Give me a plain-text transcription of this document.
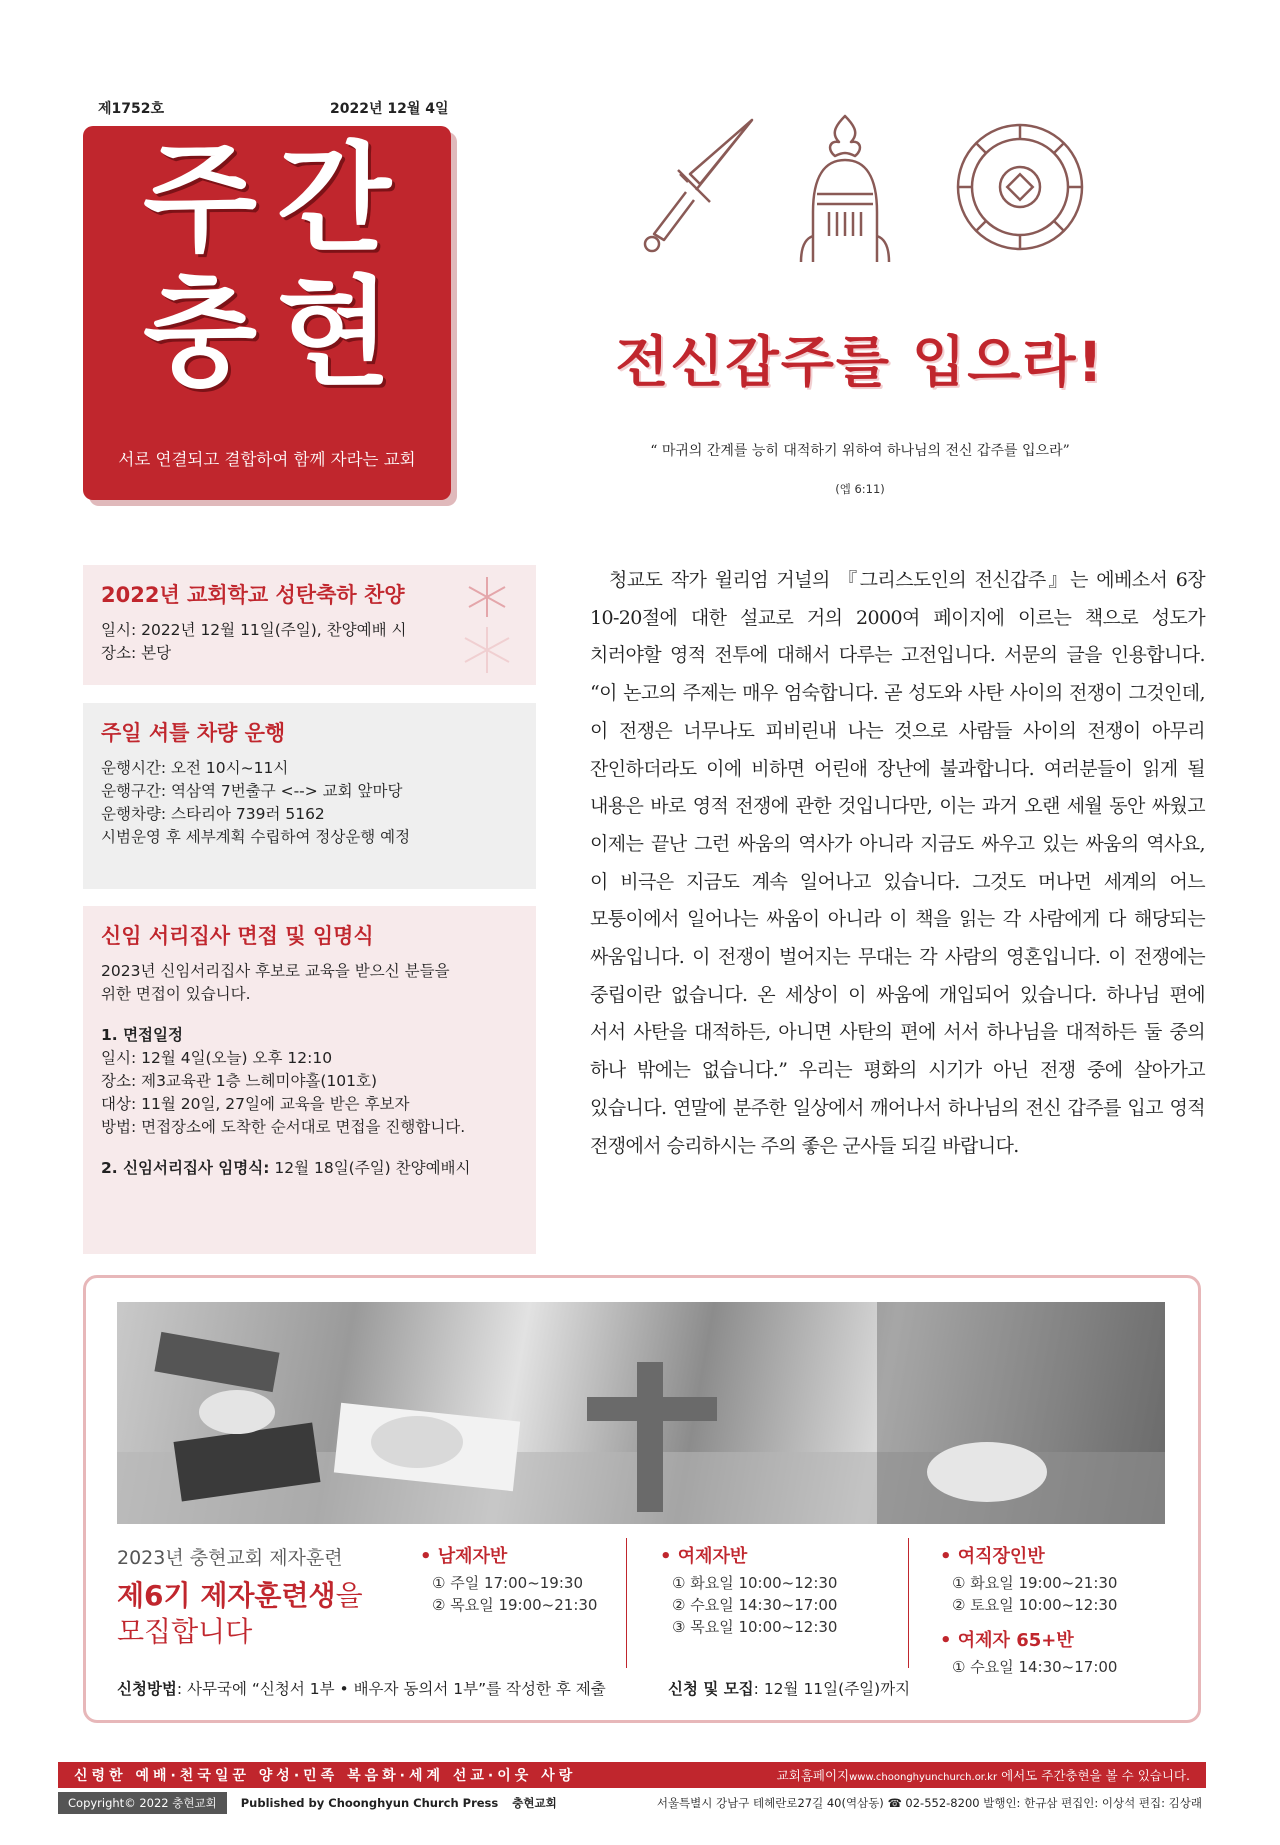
제1752호	2022년 12월 4일
주 간
충 현
서로 연결되고 결합하여 함께 자라는 교회
전신갑주를 입으라!
“ 마귀의 간계를 능히 대적하기 위하여 하나님의 전신 갑주를 입으라”
(엡 6:11)
2022년 교회학교 성탄축하 찬양

일시: 2022년 12월 11일(주일), 찬양예배 시

장소: 본당

주일 셔틀 차량 운행

운행시간: 오전 10시~11시

운행구간: 역삼역 7번출구 <--> 교회 앞마당

운행차량: 스타리아 739러 5162

시범운영 후 세부계획 수립하여 정상운행 예정

신임 서리집사 면접 및 임명식

2023년 신임서리집사 후보로 교육을 받으신 분들을

위한 면접이 있습니다.

1. 면접일정

일시: 12월 4일(오늘) 오후 12:10

장소: 제3교육관 1층 느헤미야홀(101호)

대상: 11월 20일, 27일에 교육을 받은 후보자

방법: 면접장소에 도착한 순서대로 면접을 진행합니다.

2. 신임서리집사 임명식: 12월 18일(주일) 찬양예배시

청교도 작가 윌리엄 거널의 『그리스도인의 전신갑주』는 에베소서 6장 10-20절에 대한 설교로 거의 2000여 페이지에 이르는 책으로 성도가 치러야할 영적 전투에 대해서 다루는 고전입니다. 서문의 글을 인용합니다. “이 논고의 주제는 매우 엄숙합니다. 곧 성도와 사탄 사이의 전쟁이 그것인데, 이 전쟁은 너무나도 피비린내 나는 것으로 사람들 사이의 전쟁이 아무리 잔인하더라도 이에 비하면 어린애 장난에 불과합니다. 여러분들이 읽게 될 내용은 바로 영적 전쟁에 관한 것입니다만, 이는 과거 오랜 세월 동안 싸웠고 이제는 끝난 그런 싸움의 역사가 아니라 지금도 싸우고 있는 싸움의 역사요, 이 비극은 지금도 계속 일어나고 있습니다. 그것도 머나먼 세계의 어느 모퉁이에서 일어나는 싸움이 아니라 이 책을 읽는 각 사람에게 다 해당되는 싸움입니다. 이 전쟁이 벌어지는 무대는 각 사람의 영혼입니다. 이 전쟁에는 중립이란 없습니다. 온 세상이 이 싸움에 개입되어 있습니다. 하나님 편에 서서 사탄을 대적하든, 아니면 사탄의 편에 서서 하나님을 대적하든 둘 중의 하나 밖에는 없습니다.” 우리는 평화의 시기가 아닌 전쟁 중에 살아가고 있습니다. 연말에 분주한 일상에서 깨어나서 하나님의 전신 갑주를 입고 영적 전쟁에서 승리하시는 주의 좋은 군사들 되길 바랍니다.
2023년 충현교회 제자훈련
제6기 제자훈련생을
모집합니다
• 남제자반

① 주일 17:00~19:30

② 목요일 19:00~21:30

• 여제자반

① 화요일 10:00~12:30

② 수요일 14:30~17:00

③ 목요일 10:00~12:30

• 여직장인반

① 화요일 19:00~21:30

② 토요일 10:00~12:30

• 여제자 65+반

① 수요일 14:30~17:00

신청방법: 사무국에 “신청서 1부 • 배우자 동의서 1부”를 작성한 후 제출	신청 및 모집: 12월 11일(주일)까지
신령한 예배·천국일꾼 양성·민족 복음화·세계 선교·이웃 사랑	교회홈페이지www.choonghyunchurch.or.kr 에서도 주간충현을 볼 수 있습니다.
Copyright© 2022 충현교회	Published by Choonghyun Church Press 충현교회	서울특별시 강남구 테헤란로27길 40(역삼동) ☎ 02-552-8200 발행인: 한규삼 편집인: 이상석 편집: 김상래
